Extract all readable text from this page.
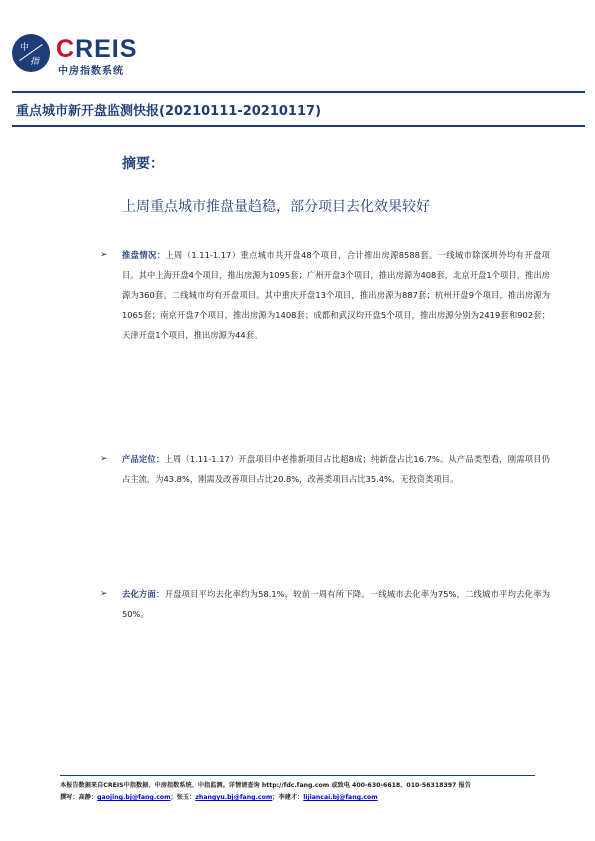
中
指 CREIS
中房指数系统
重点城市新开盘监测快报(20210111-20210117)
摘要：
上周重点城市推盘量趋稳，部分项目去化效果较好
➢ 推盘情况：上周（1.11-1.17）重点城市共开盘48个项目，合计推出房源8588套。一线城市除深圳外均有开盘项目。其中上海开盘4个项目，推出房源为1095套；广州开盘3个项目，推出房源为408套，北京开盘1个项目，推出房源为360套。二线城市均有开盘项目。其中重庆开盘13个项目，推出房源为887套；杭州开盘9个项目，推出房源为1065套；南京开盘7个项目，推出房源为1408套；成都和武汉均开盘5个项目，推出房源分别为2419套和902套；天津开盘1个项目，推出房源为44套。
➢ 产品定位：上周（1.11-1.17）开盘项目中老推新项目占比超8成；纯新盘占比16.7%。从产品类型看，刚需项目仍占主流，为43.8%，刚需及改善项目占比20.8%，改善类项目占比35.4%，无投资类项目。
➢ 去化方面：开盘项目平均去化率约为58.1%，较前一周有所下降。一线城市去化率为75%，二线城市平均去化率为50%。
本报告数据来自CREIS中指数据、中房指数系统、中指监测。详情请查询 http://fdc.fang.com 或致电 400-630-6618、010-56318397 报告
撰写：高静：gaojing.bj@fang.com；张玉：zhangyu.bj@fang.com；李建才：lijiancai.bj@fang.com
